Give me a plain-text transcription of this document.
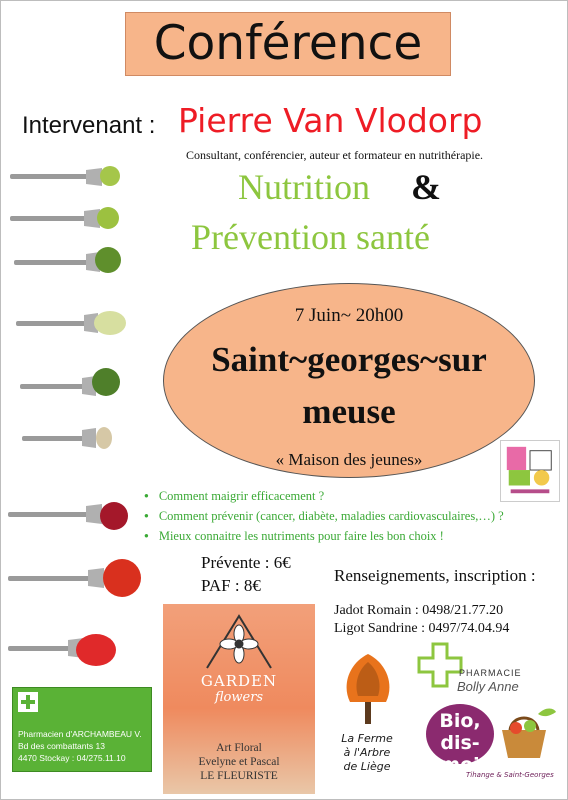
Conférence
Intervenant : Pierre Van Vlodorp
Consultant, conférencier, auteur et formateur en nutrithérapie.
Nutrition &
Prévention santé
7 Juin~ 20h00
Saint~georges~sur
meuse
« Maison des jeunes»
● Comment maigrir efficacement ?
● Comment prévenir (cancer, diabète, maladies cardiovasculaires,…) ?
● Mieux connaitre les nutriments pour faire les bon choix !
Prévente : 6€
PAF : 8€
Renseignements, inscription :
Jadot Romain : 0498/21.77.20
Ligot Sandrine : 0497/74.04.94
Pharmacien d'ARCHAMBEAU V.
Bd des combattants 13
4470 Stockay : 04/275.11.10
GARDEN
flowers
Art Floral
Evelyne et Pascal
LE FLEURISTE
La Ferme
à l'Arbre
de Liège
PHARMACIE
Bolly Anne
Bio,
dis-moi
Tihange & Saint-Georges
